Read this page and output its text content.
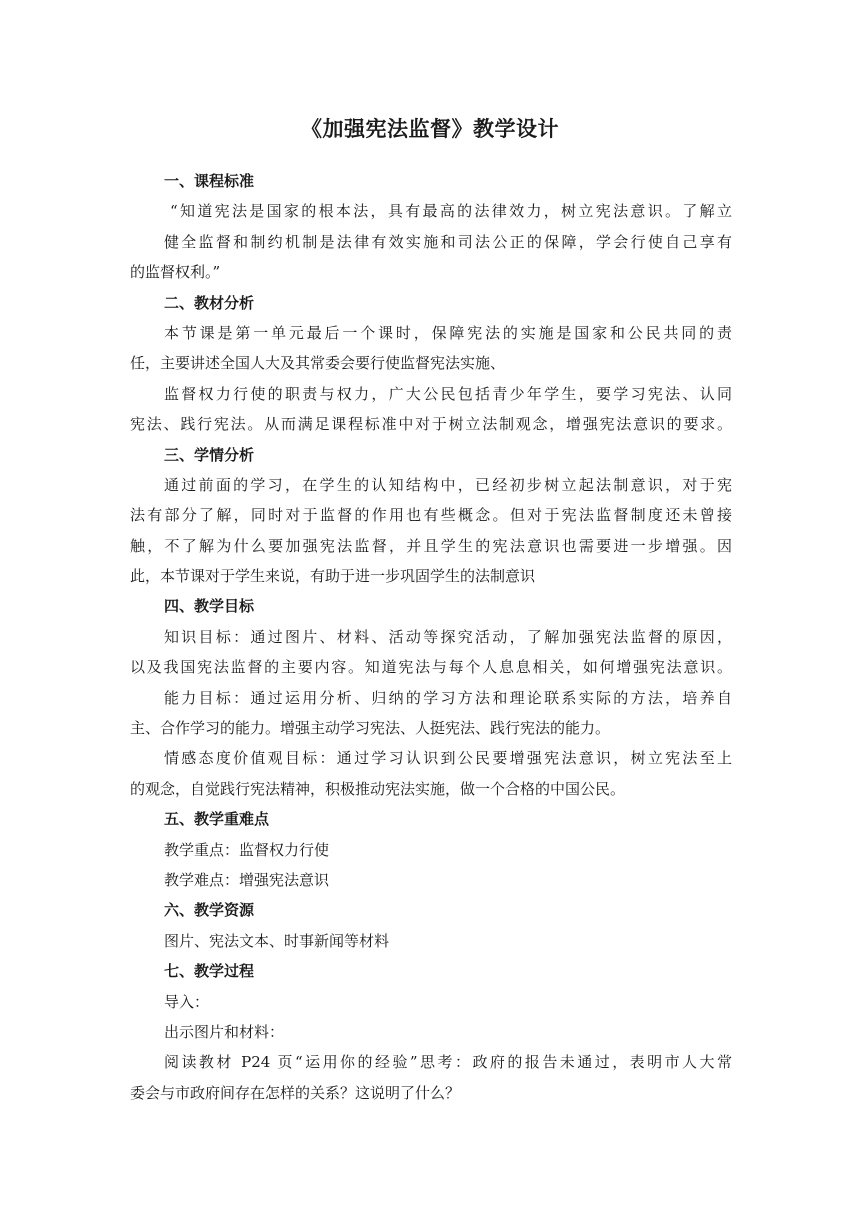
《加强宪法监督》教学设计
一、课程标准
“知道宪法是国家的根本法，具有最高的法律效力，树立宪法意识。了解立
健全监督和制约机制是法律有效实施和司法公正的保障，学会行使自己享有
的监督权利。”
二、教材分析
本节课是第一单元最后一个课时，保障宪法的实施是国家和公民共同的责
任，主要讲述全国人大及其常委会要行使监督宪法实施、
监督权力行使的职责与权力，广大公民包括青少年学生，要学习宪法、认同
宪法、践行宪法。从而满足课程标准中对于树立法制观念，增强宪法意识的要求。
三、学情分析
通过前面的学习，在学生的认知结构中，已经初步树立起法制意识，对于宪
法有部分了解，同时对于监督的作用也有些概念。但对于宪法监督制度还未曾接
触，不了解为什么要加强宪法监督，并且学生的宪法意识也需要进一步增强。因
此，本节课对于学生来说，有助于进一步巩固学生的法制意识
四、教学目标
知识目标：通过图片、材料、活动等探究活动，了解加强宪法监督的原因，
以及我国宪法监督的主要内容。知道宪法与每个人息息相关，如何增强宪法意识。
能力目标：通过运用分析、归纳的学习方法和理论联系实际的方法，培养自
主、合作学习的能力。增强主动学习宪法、人挺宪法、践行宪法的能力。
情感态度价值观目标：通过学习认识到公民要增强宪法意识，树立宪法至上
的观念，自觉践行宪法精神，积极推动宪法实施，做一个合格的中国公民。
五、教学重难点
教学重点：监督权力行使
教学难点：增强宪法意识
六、教学资源
图片、宪法文本、时事新闻等材料
七、教学过程
导入：
出示图片和材料：
阅读教材 P24 页“运用你的经验”思考：政府的报告未通过，表明市人大常
委会与市政府间存在怎样的关系？这说明了什么？
